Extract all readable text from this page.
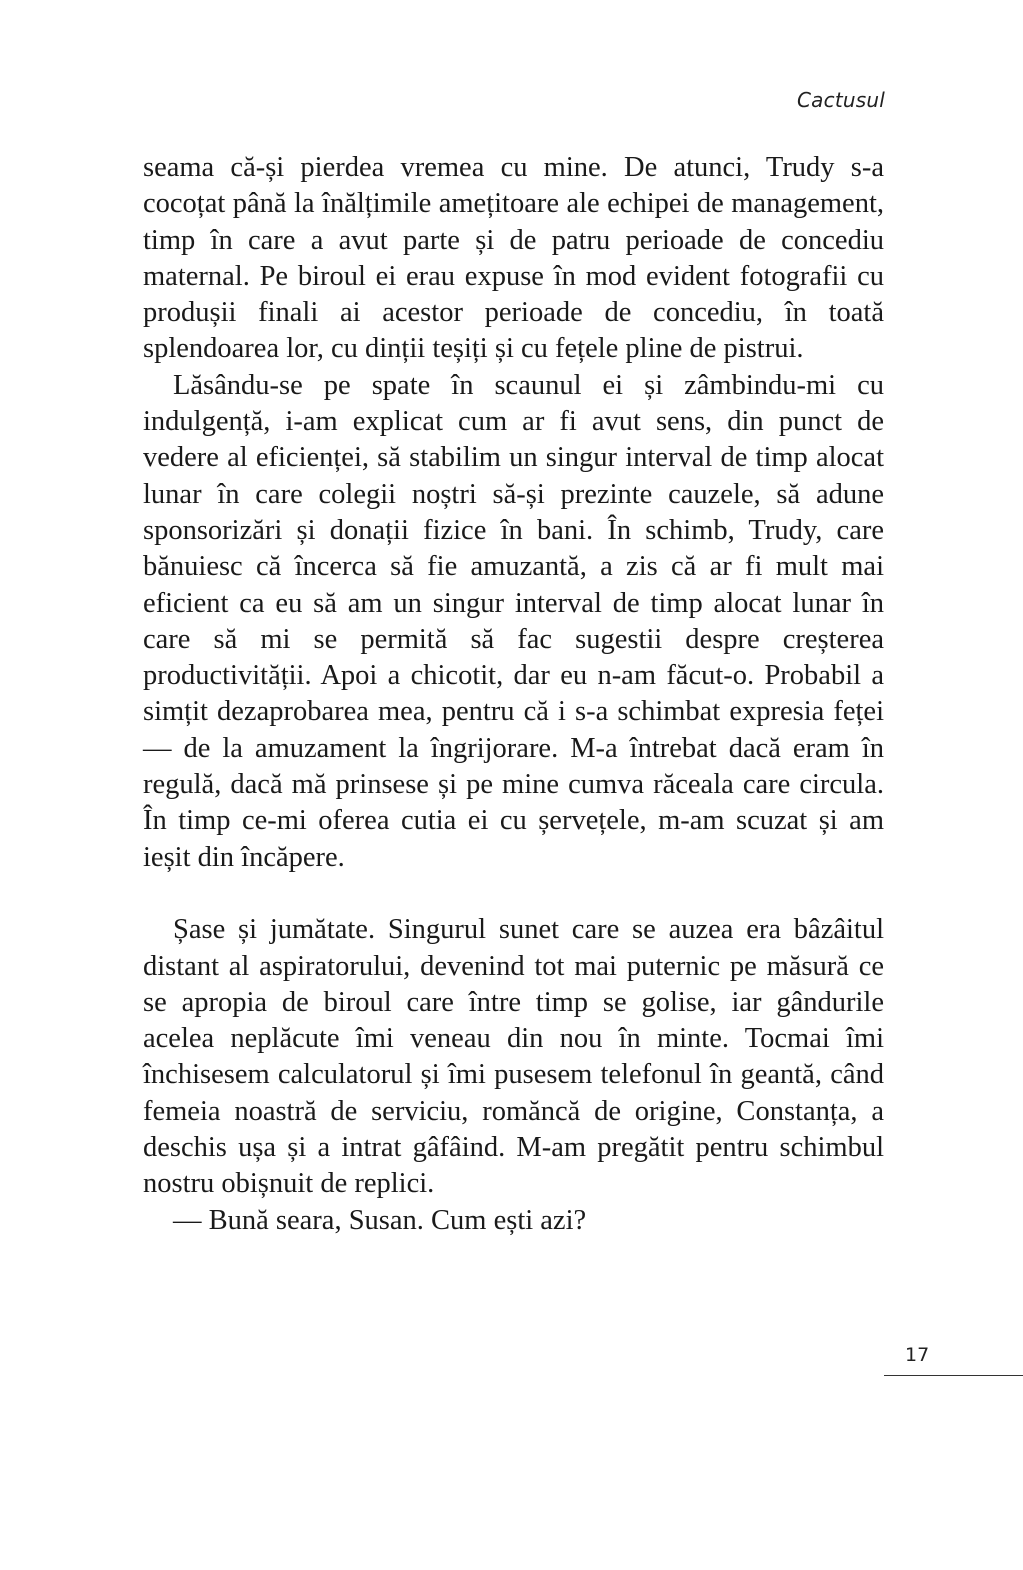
Cactusul

seama că-și pierdea vremea cu mine. De atunci, Trudy s-a cocoțat până la înălțimile amețitoare ale echipei de management, timp în care a avut parte și de patru perioade de concediu maternal. Pe biroul ei erau expuse în mod evident fotografii cu produșii finali ai acestor perioade de concediu, în toată splendoarea lor, cu dinții teșiți și cu fețele pline de pistrui.

Lăsându-se pe spate în scaunul ei și zâmbindu-mi cu indulgență, i-am explicat cum ar fi avut sens, din punct de vedere al eficienței, să stabilim un singur interval de timp alocat lunar în care colegii noștri să-și prezinte cauzele, să adune sponsorizări și donații fizice în bani. În schimb, Trudy, care bănuiesc că încerca să fie amuzantă, a zis că ar fi mult mai eficient ca eu să am un singur interval de timp alocat lunar în care să mi se permită să fac sugestii despre creșterea productivității. Apoi a chicotit, dar eu n-am făcut-o. Probabil a simțit dezaprobarea mea, pentru că i s-a schimbat expresia feței — de la amuzament la îngrijorare. M-a întrebat dacă eram în regulă, dacă mă prinsese și pe mine cumva răceala care circula. În timp ce-mi oferea cutia ei cu șervețele, m-am scuzat și am ieșit din încăpere.

Șase și jumătate. Singurul sunet care se auzea era bâzâitul distant al aspiratorului, devenind tot mai puternic pe măsură ce se apropia de biroul care între timp se golise, iar gândurile acelea neplăcute îmi veneau din nou în minte. Tocmai îmi închisesem calculatorul și îmi pusesem telefonul în geantă, când femeia noastră de serviciu, romăncă de origine, Constanța, a deschis ușa și a intrat gâfâind. M-am pregătit pentru schimbul nostru obișnuit de replici.

— Bună seara, Susan. Cum ești azi?

17
